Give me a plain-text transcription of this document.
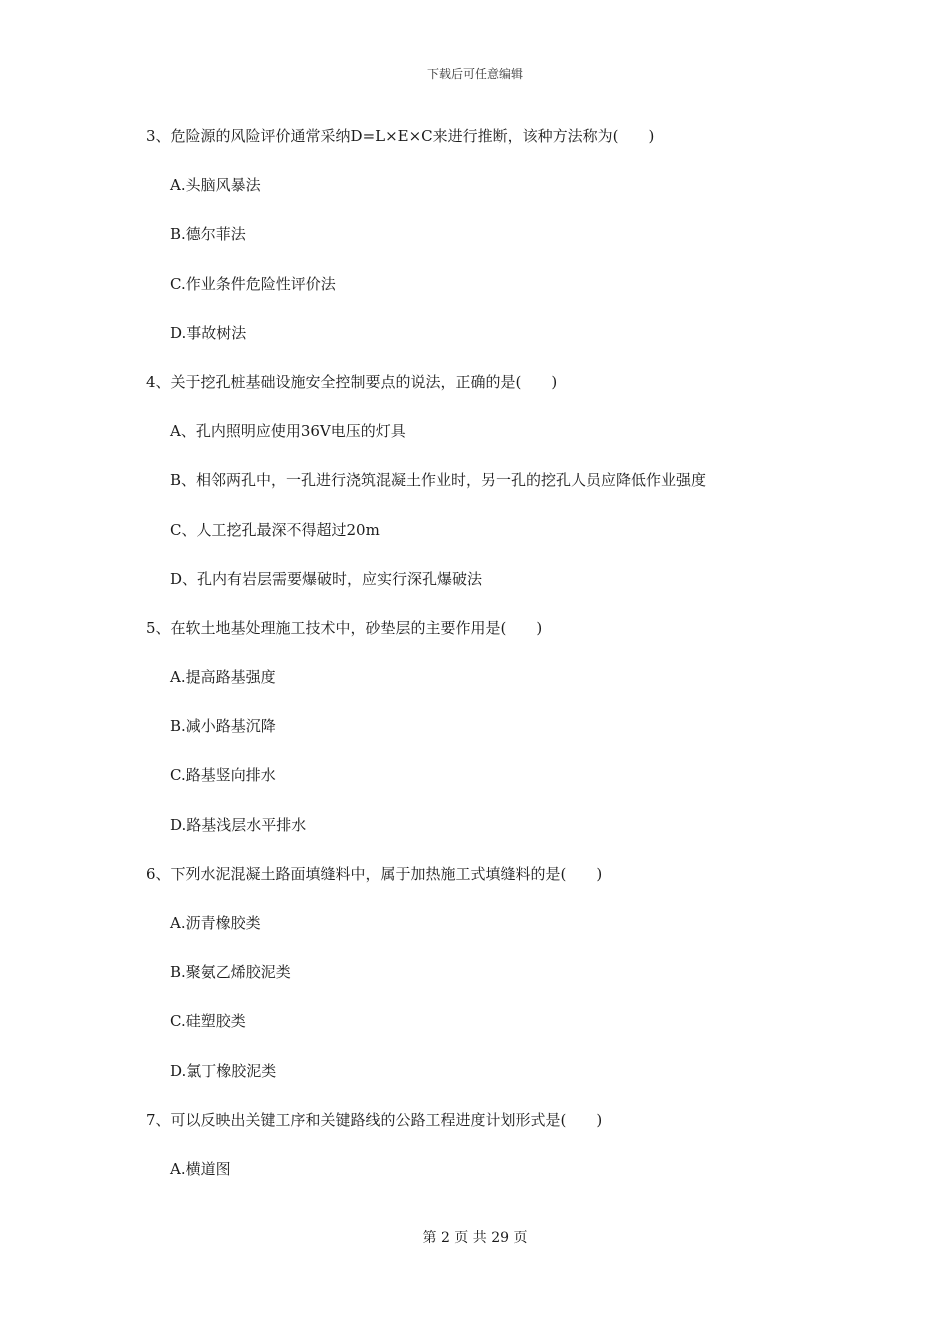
下载后可任意编辑
3、危险源的风险评价通常采纳D=L×E×C来进行推断，该种方法称为(　　)
A.头脑风暴法
B.德尔菲法
C.作业条件危险性评价法
D.事故树法
4、关于挖孔桩基础设施安全控制要点的说法，正确的是(　　)
A、孔内照明应使用36V电压的灯具
B、相邻两孔中，一孔进行浇筑混凝土作业时，另一孔的挖孔人员应降低作业强度
C、人工挖孔最深不得超过20m
D、孔内有岩层需要爆破时，应实行深孔爆破法
5、在软土地基处理施工技术中，砂垫层的主要作用是(　　)
A.提高路基强度
B.减小路基沉降
C.路基竖向排水
D.路基浅层水平排水
6、下列水泥混凝土路面填缝料中，属于加热施工式填缝料的是(　　)
A.沥青橡胶类
B.聚氨乙烯胶泥类
C.硅塑胶类
D.氯丁橡胶泥类
7、可以反映出关键工序和关键路线的公路工程进度计划形式是(　　)
A.横道图
第 2 页 共 29 页
